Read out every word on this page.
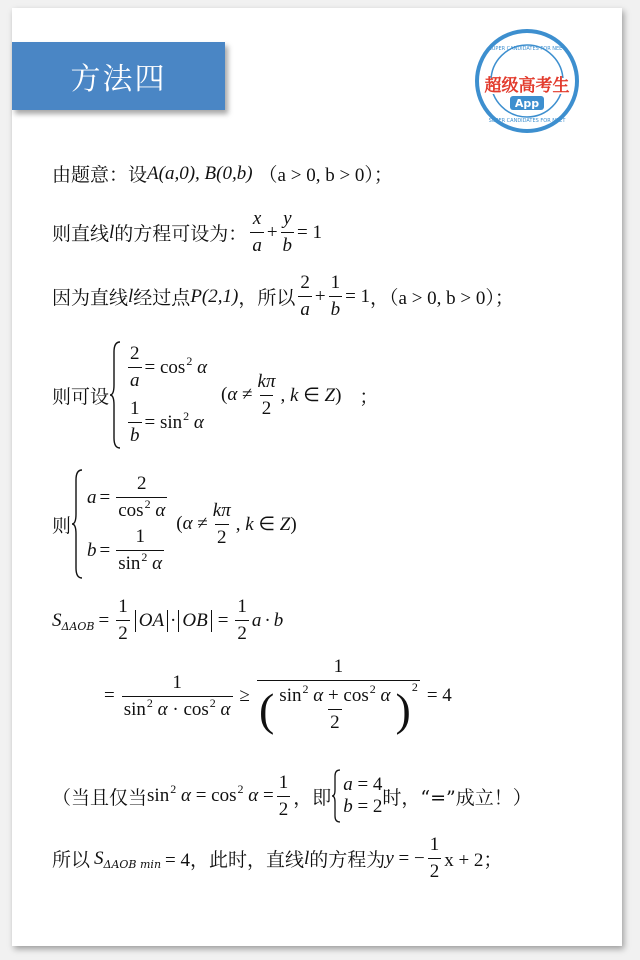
方法四	超级高考生
App
SUPER CANDIDATES FOR NEET
SUPER CANDIDATES FOR NEET
由题意：设 A(a,0), B(0,b) （a > 0, b > 0）；
则直线 l 的方程可设为： $\frac{x}{a} + \frac{y}{b} = 1$
因为直线 l 经过点 P(2,1) ，所以 $\frac{2}{a} + \frac{1}{b} = 1$ ，（a > 0, b > 0）；
则可设
$\frac{2}{a} = \cos^2 \alpha$
$\frac{1}{b} = \sin^2 \alpha$
($\alpha \ne \frac{k\pi}{2}$ , k ∈ Z) ；
则
$a = \frac{2}{\cos^2 \alpha}$
$b = \frac{1}{\sin^2 \alpha}$
($\alpha \ne \frac{k\pi}{2}$ , k ∈ Z)
S $\Delta AOB = \frac{1}{2}$ OA · OB = $\frac{1}{2}$ a · b
= $\frac{1}{\sin^2 \alpha \cdot \cos^2 \alpha} \ge \frac{1}{( \frac{\sin^2 \alpha + \cos^2 \alpha}{2} ) 2} = 4$
（当且仅当 $\sin^2 \alpha = \cos^2 \alpha = \frac{1}{2}$ ，即
a = 4
b = 2 时，“=”成立！）
所以 S ΔAOB min = 4，此时，直线 l 的方程为 y = − $\frac{1}{2}$ x + 2；
